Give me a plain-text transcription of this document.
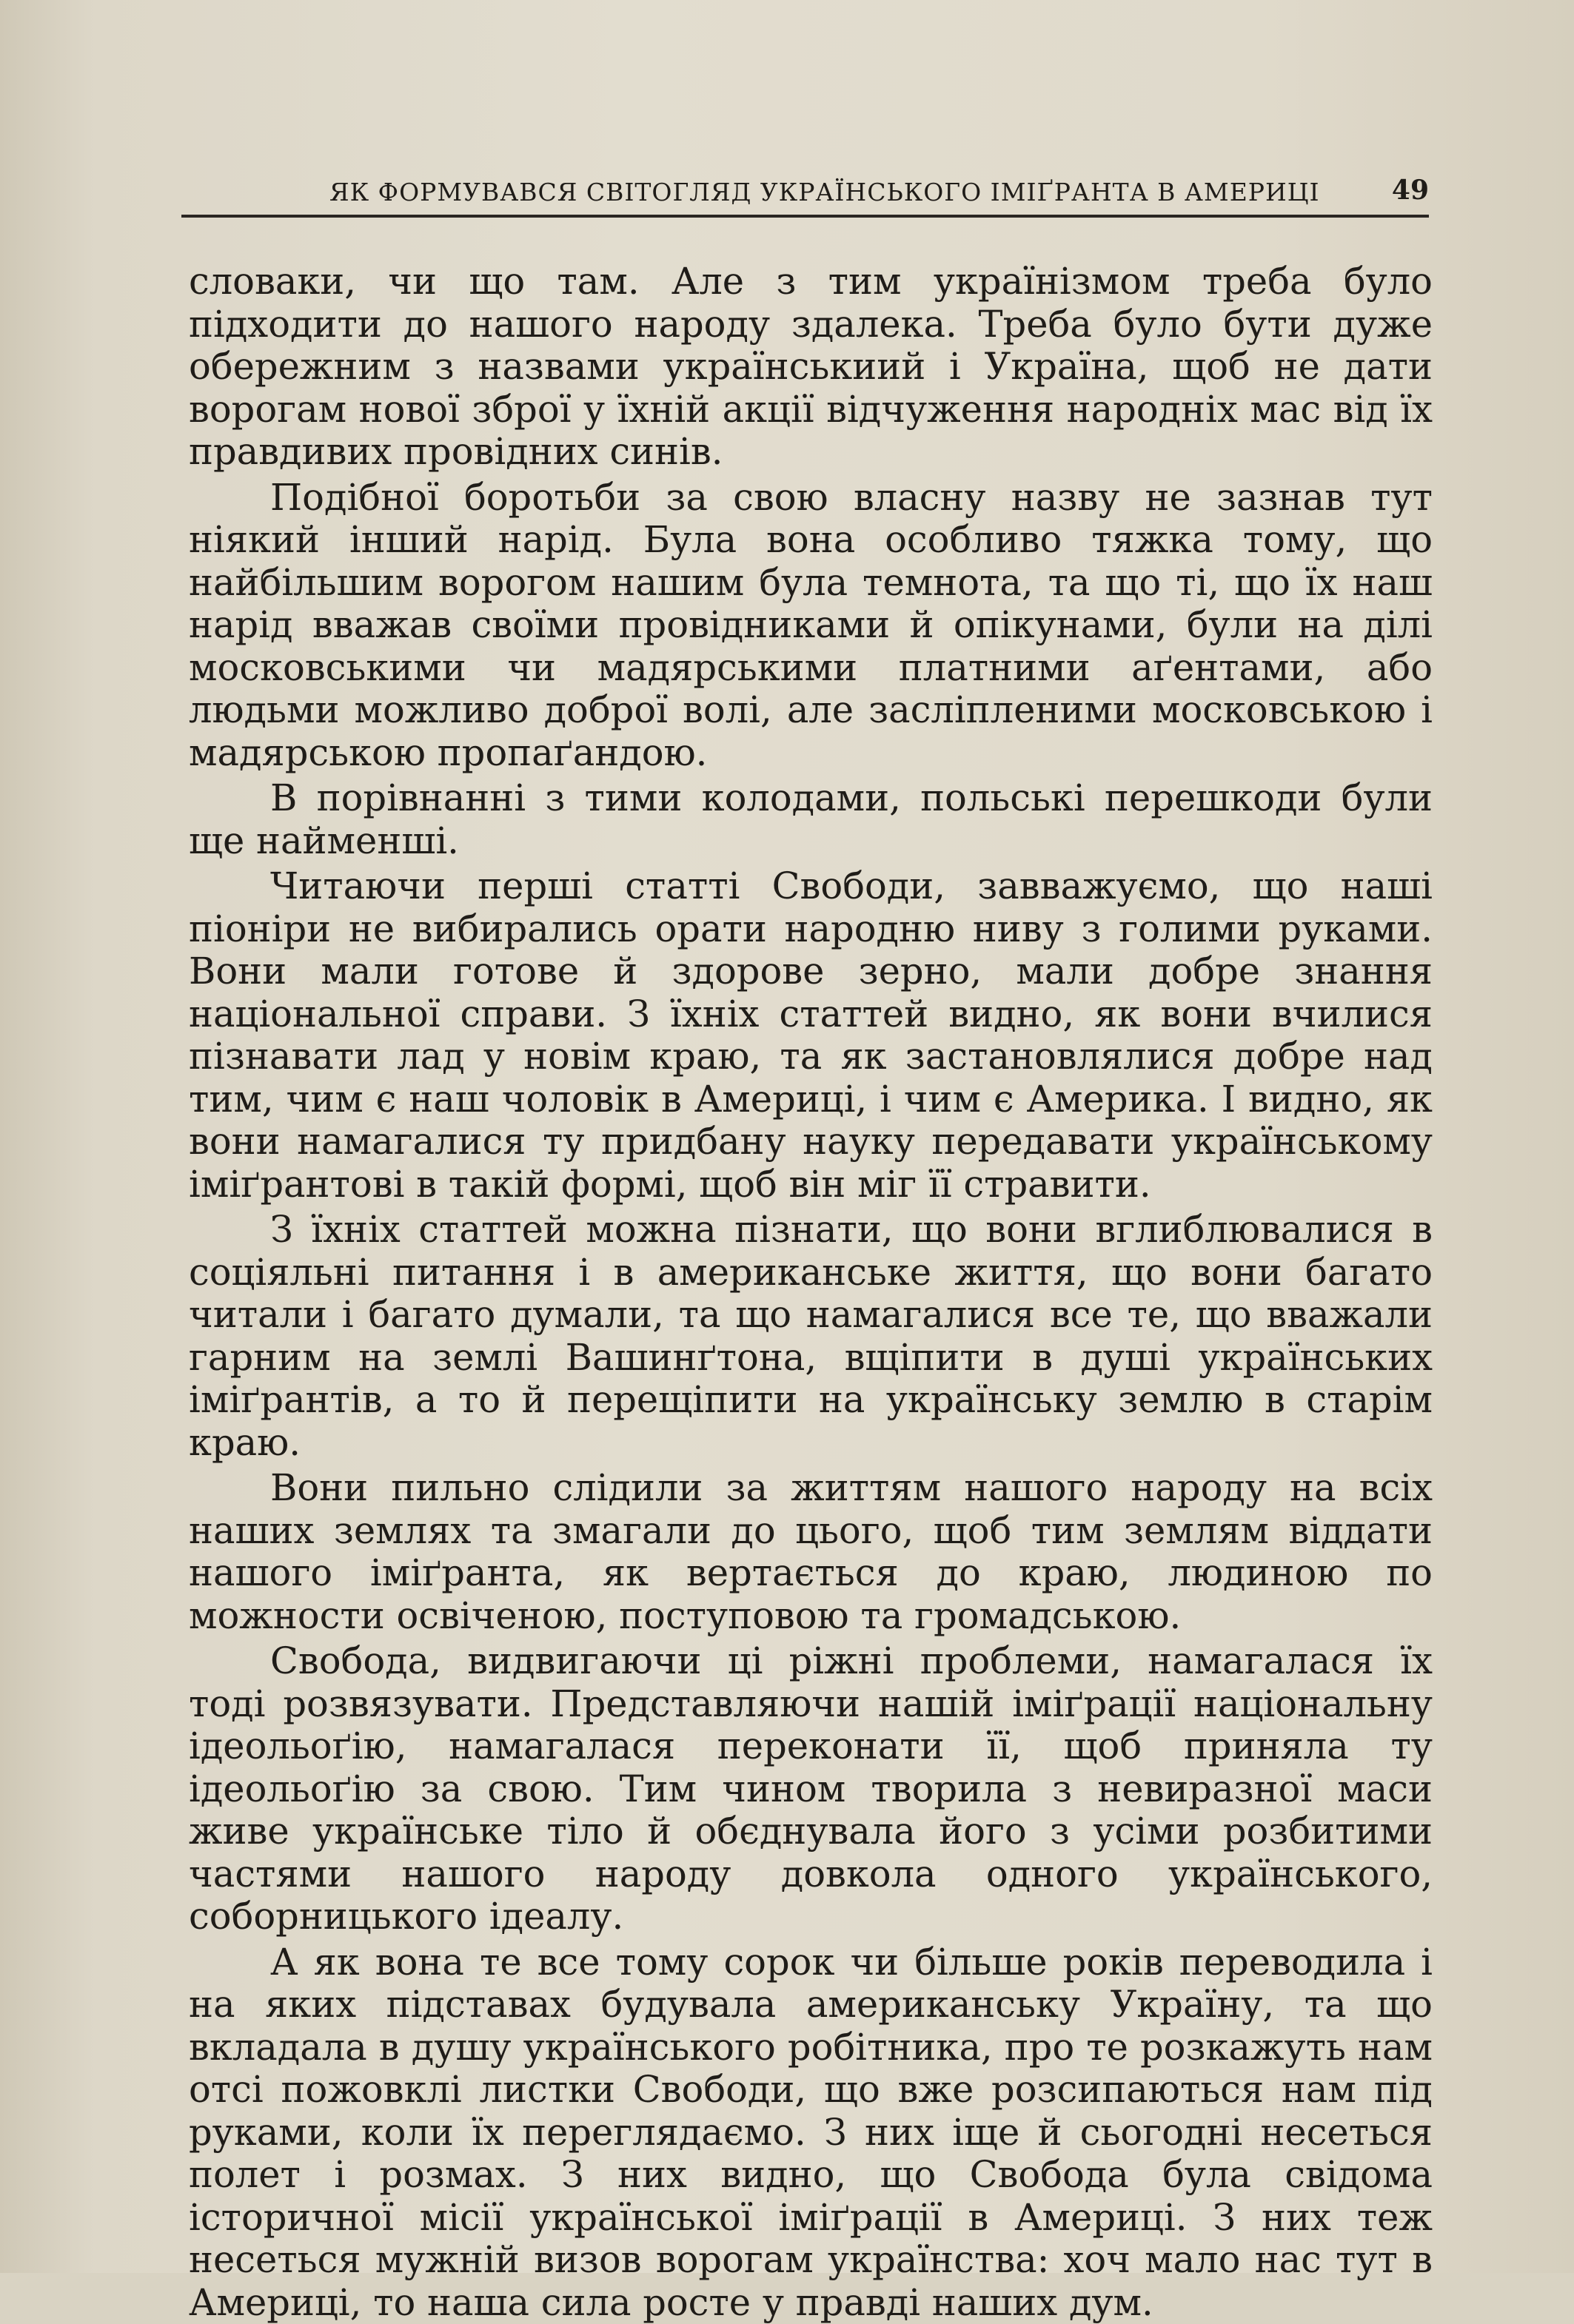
ЯК ФОРМУВАВСЯ СВІТОГЛЯД УКРАЇНСЬКОГО ІМІҐРАНТА В АМЕРИЦІ	49

словаки, чи що там. Але з тим українізмом треба було підходити до нашого народу здалека. Треба було бути дуже обережним з назвами українськиий і Україна, щоб не дати ворогам нової зброї у їхній акції відчуження народніх мас від їх правдивих провідних синів.

Подібної боротьби за свою власну назву не зазнав тут ніякий інший нарід. Була вона особливо тяжка тому, що найбільшим ворогом нашим була темнота, та що ті, що їх наш нарід вважав своїми провідниками й опікунами, були на ділі московськими чи мадярськими платними аґентами, або людьми можливо доброї волі, але засліпленими московською і мадярською пропаґандою.

В порівнанні з тими колодами, польські перешкоди були ще найменші.

Читаючи перші статті Свободи, завважуємо, що наші піоніри не вибирались орати народню ниву з голими руками. Вони мали готове й здорове зерно, мали добре знання національної справи. З їхніх статтей видно, як вони вчилися пізнавати лад у новім краю, та як застановлялися добре над тим, чим є наш чоловік в Америці, і чим є Америка. І видно, як вони намагалися ту придбану науку передавати українському іміґрантові в такій формі, щоб він міг її стравити.

З їхніх статтей можна пізнати, що вони вглиблювалися в соціяльні питання і в американське життя, що вони багато читали і багато думали, та що намагалися все те, що вважали гарним на землі Вашинґтона, вщіпити в душі українських іміґрантів, а то й перещіпити на українську землю в старім краю.

Вони пильно слідили за життям нашого народу на всіх наших землях та змагали до цього, щоб тим землям віддати нашого іміґранта, як вертається до краю, людиною по можности освіченою, поступовою та громадською.

Свобода, видвигаючи ці ріжні проблеми, намагалася їх тоді розвязувати. Представляючи нашій іміґрації національну ідеольоґію, намагалася переконати її, щоб приняла ту ідеольоґію за свою. Тим чином творила з невиразної маси живе українське тіло й обєднувала його з усіми розбитими частями нашого народу довкола одного українського, соборницького ідеалу.

А як вона те все тому сорок чи більше років переводила і на яких підставах будувала американську Україну, та що вкладала в душу українського робітника, про те розкажуть нам отсі пожовклі листки Свободи, що вже розсипаються нам під руками, коли їх переглядаємо. З них іще й сьогодні несеться полет і розмах. З них видно, що Свобода була свідома історичної місії української іміґрації в Америці. З них теж несеться мужній визов ворогам українства: хоч мало нас тут в Америці, то наша сила росте у правді наших дум.
